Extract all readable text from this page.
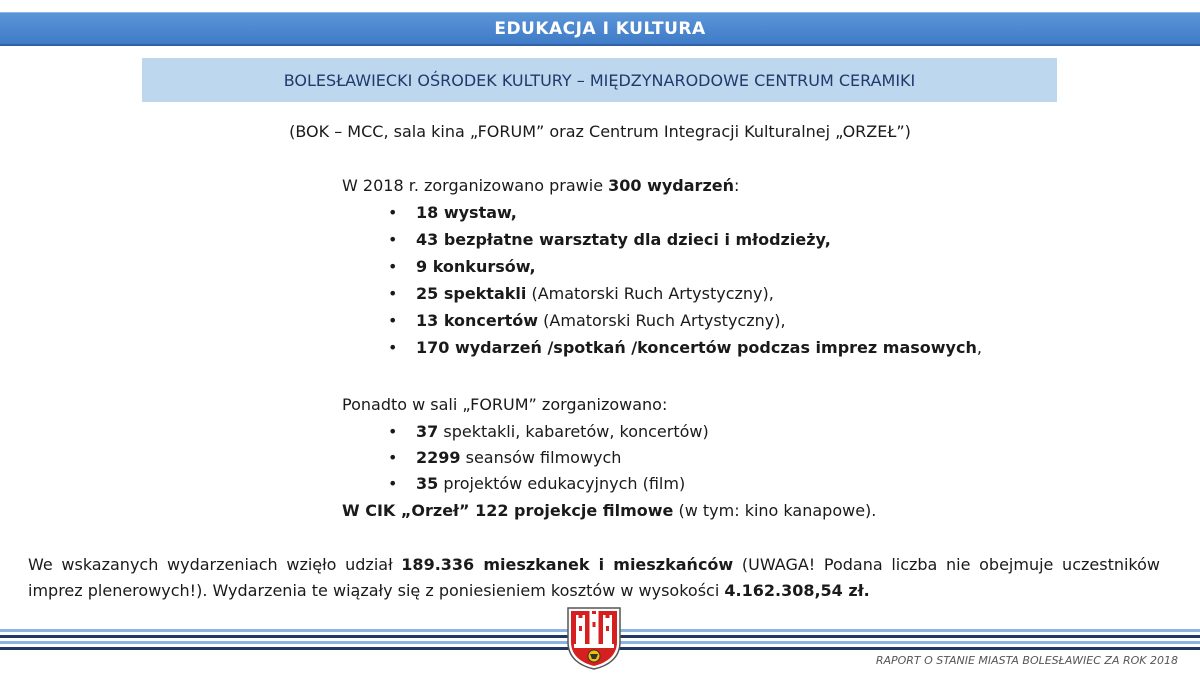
EDUKACJA I KULTURA
BOLESŁAWIECKI OŚRODEK KULTURY – MIĘDZYNARODOWE CENTRUM CERAMIKI
(BOK – MCC, sala kina „FORUM” oraz Centrum Integracji Kulturalnej „ORZEŁ”)
W 2018 r. zorganizowano prawie 300 wydarzeń:
• 18 wystaw,
• 43 bezpłatne warsztaty dla dzieci i młodzieży,
• 9 konkursów,
• 25 spektakli (Amatorski Ruch Artystyczny),
• 13 koncertów (Amatorski Ruch Artystyczny),
• 170 wydarzeń /spotkań /koncertów podczas imprez masowych,
Ponadto w sali „FORUM” zorganizowano:
• 37 spektakli, kabaretów, koncertów)
• 2299 seansów filmowych
• 35 projektów edukacyjnych (film)
W CIK „Orzeł” 122 projekcje filmowe (w tym: kino kanapowe).
We wskazanych wydarzeniach wzięło udział 189.336 mieszkanek i mieszkańców (UWAGA! Podana liczba nie obejmuje uczestników imprez plenerowych!). Wydarzenia te wiązały się z poniesieniem kosztów w wysokości 4.162.308,54 zł.
RAPORT O STANIE MIASTA BOLESŁAWIEC ZA ROK 2018
